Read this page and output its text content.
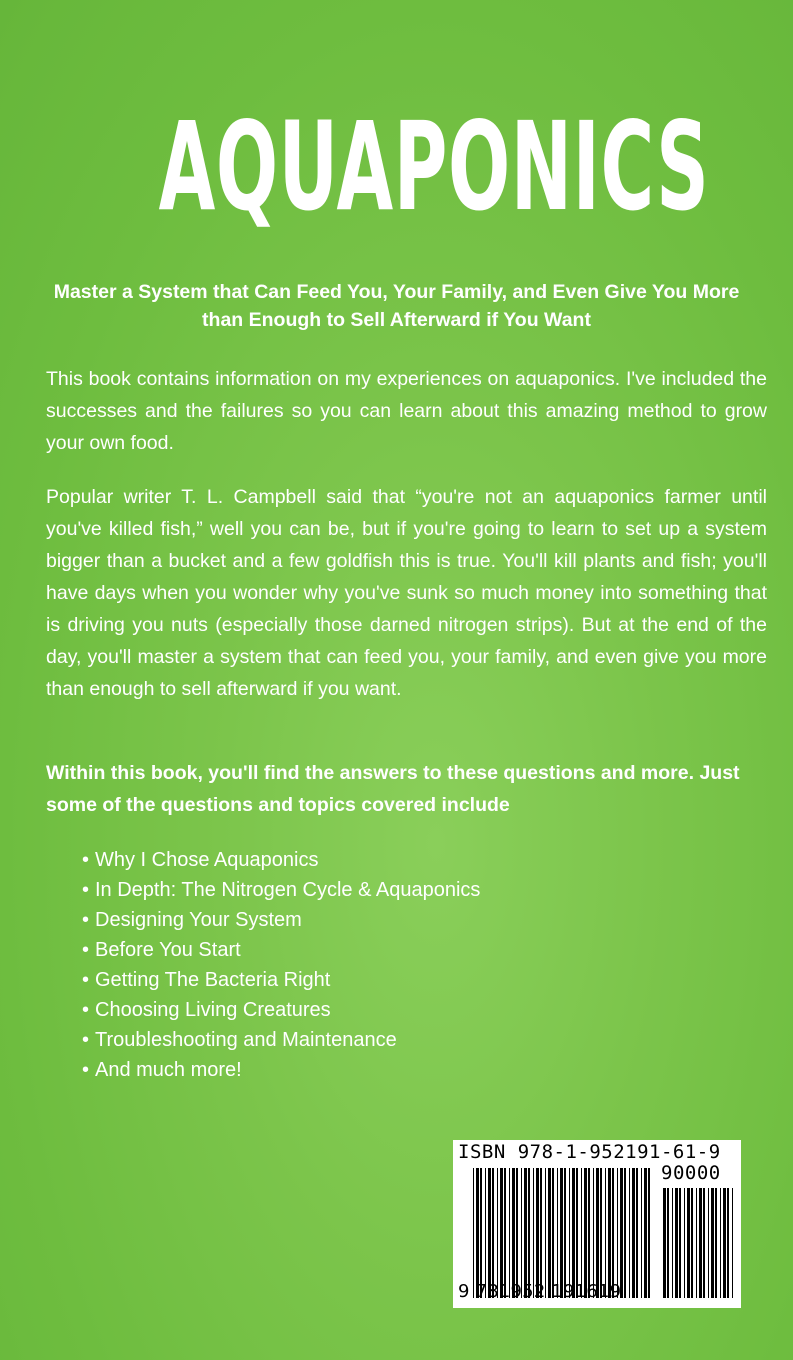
AQUAPONICS
Master a System that Can Feed You, Your Family, and Even Give You More than Enough to Sell Afterward if You Want
This book contains information on my experiences on aquaponics. I've included the successes and the failures so you can learn about this amazing method to grow your own food.
Popular writer T. L. Campbell said that “you're not an aquaponics farmer until you've killed fish,” well you can be, but if you're going to learn to set up a system bigger than a bucket and a few goldfish this is true. You'll kill plants and fish; you'll have days when you wonder why you've sunk so much money into something that is driving you nuts (especially those darned nitrogen strips). But at the end of the day, you'll master a system that can feed you, your family, and even give you more than enough to sell afterward if you want.
Within this book, you'll find the answers to these questions and more. Just some of the questions and topics covered include
• Why I Chose Aquaponics
• In Depth: The Nitrogen Cycle & Aquaponics
• Designing Your System
• Before You Start
• Getting The Bacteria Right
• Choosing Living Creatures
• Troubleshooting and Maintenance
• And much more!
ISBN 978-1-952191-61-9
90000
9 781952 191619
